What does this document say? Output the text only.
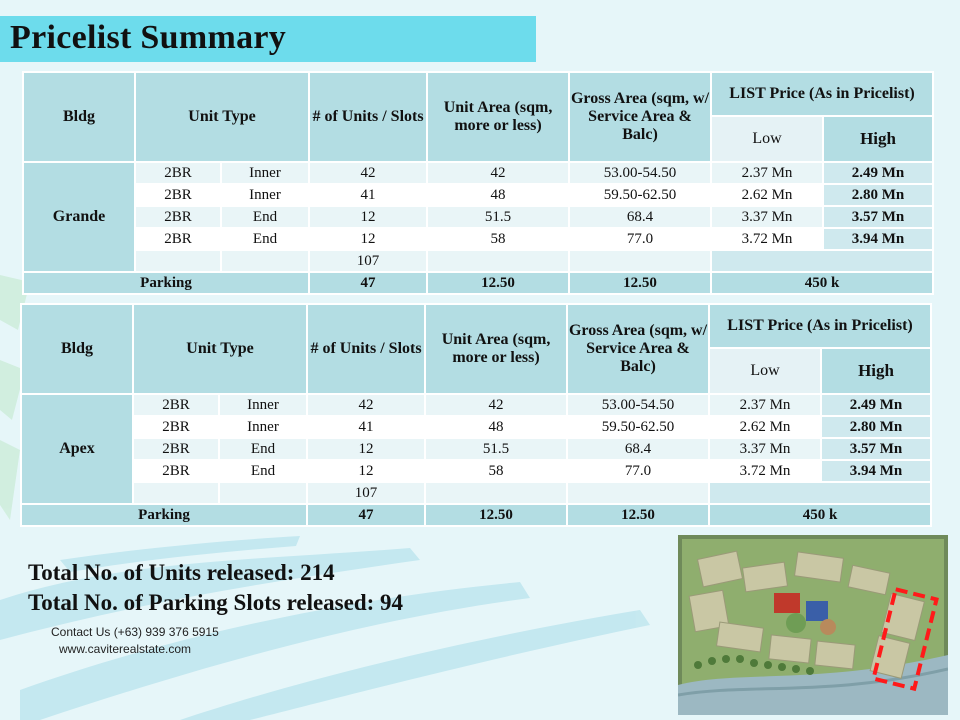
Pricelist Summary
Bldg	Unit Type		# of Units / Slots	Unit Area (sqm, more or less)	Gross Area (sqm, w/ Service Area & Balc)	LIST Price (As in Pricelist)	
						Low	High
Grande	2BR	Inner	42	42	53.00-54.50	2.37 Mn	2.49 Mn
	2BR	Inner	41	48	59.50-62.50	2.62 Mn	2.80 Mn
	2BR	End	12	51.5	68.4	3.37 Mn	3.57 Mn
	2BR	End	12	58	77.0	3.72 Mn	3.94 Mn
			107				
Parking			47	12.50	12.50	450 k	
Bldg	Unit Type		# of Units / Slots	Unit Area (sqm, more or less)	Gross Area (sqm, w/ Service Area & Balc)	LIST Price (As in Pricelist)	
						Low	High
Apex	2BR	Inner	42	42	53.00-54.50	2.37 Mn	2.49 Mn
	2BR	Inner	41	48	59.50-62.50	2.62 Mn	2.80 Mn
	2BR	End	12	51.5	68.4	3.37 Mn	3.57 Mn
	2BR	End	12	58	77.0	3.72 Mn	3.94 Mn
			107				
Parking			47	12.50	12.50	450 k	
Total No. of Units released: 214
Total No. of Parking Slots released: 94
Contact Us (+63) 939 376 5915
www.caviterealstate.com
